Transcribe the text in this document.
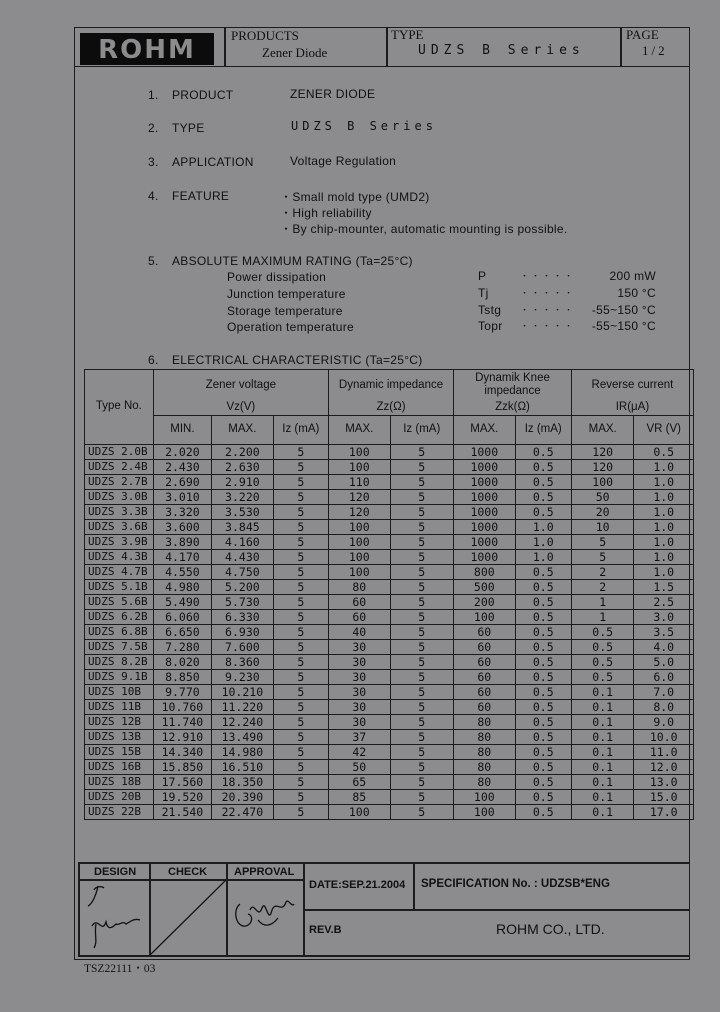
ROHM	PRODUCTS
Zener Diode
TYPE
UDZS B Series
PAGE
1/2
1. PRODUCT	ZENER DIODE
2. TYPE	UDZS B Series
3. APPLICATION	Voltage Regulation
4. FEATURE	・Small mold type (UMD2)
・High reliability
・By chip-mounter, automatic mounting is possible.
5. ABSOLUTE MAXIMUM RATING (Ta=25°C)
Power dissipation	P	・・・・・	200 mW
Junction temperature	Tj	・・・・・	150 °C
Storage temperature	Tstg ・・・・・ -55~150 °C
Operation temperature	Topr ・・・・・ -55~150 °C
6. ELECTRICAL CHARACTERISTIC (Ta=25°C)
Type No.	Zener voltage			Dynamic impedance		Dynamik Knee impedance		Reverse current	
	Vz(V)			Zz(Ω)		Zzk(Ω)		IR(μA)	
	MIN.	MAX.	Iz (mA)	MAX.	Iz (mA)	MAX.	Iz (mA)	MAX.	VR (V)
UDZS 2.0B	2.020	2.200	5	100	5	1000	0.5	120	0.5
UDZS 2.4B	2.430	2.630	5	100	5	1000	0.5	120	1.0
UDZS 2.7B	2.690	2.910	5	110	5	1000	0.5	100	1.0
UDZS 3.0B	3.010	3.220	5	120	5	1000	0.5	50	1.0
UDZS 3.3B	3.320	3.530	5	120	5	1000	0.5	20	1.0
UDZS 3.6B	3.600	3.845	5	100	5	1000	1.0	10	1.0
UDZS 3.9B	3.890	4.160	5	100	5	1000	1.0	5	1.0
UDZS 4.3B	4.170	4.430	5	100	5	1000	1.0	5	1.0
UDZS 4.7B	4.550	4.750	5	100	5	800	0.5	2	1.0
UDZS 5.1B	4.980	5.200	5	80	5	500	0.5	2	1.5
UDZS 5.6B	5.490	5.730	5	60	5	200	0.5	1	2.5
UDZS 6.2B	6.060	6.330	5	60	5	100	0.5	1	3.0
UDZS 6.8B	6.650	6.930	5	40	5	60	0.5	0.5	3.5
UDZS 7.5B	7.280	7.600	5	30	5	60	0.5	0.5	4.0
UDZS 8.2B	8.020	8.360	5	30	5	60	0.5	0.5	5.0
UDZS 9.1B	8.850	9.230	5	30	5	60	0.5	0.5	6.0
UDZS 10B	9.770	10.210	5	30	5	60	0.5	0.1	7.0
UDZS 11B	10.760	11.220	5	30	5	60	0.5	0.1	8.0
UDZS 12B	11.740	12.240	5	30	5	80	0.5	0.1	9.0
UDZS 13B	12.910	13.490	5	37	5	80	0.5	0.1	10.0
UDZS 15B	14.340	14.980	5	42	5	80	0.5	0.1	11.0
UDZS 16B	15.850	16.510	5	50	5	80	0.5	0.1	12.0
UDZS 18B	17.560	18.350	5	65	5	80	0.5	0.1	13.0
UDZS 20B	19.520	20.390	5	85	5	100	0.5	0.1	15.0
UDZS 22B	21.540	22.470	5	100	5	100	0.5	0.1	17.0
DESIGN	CHECK APPROVAL
DATE:SEP.21.2004 SPECIFICATION No. : UDZSB*ENG
REV.B	ROHM CO., LTD.
TSZ22111・03
